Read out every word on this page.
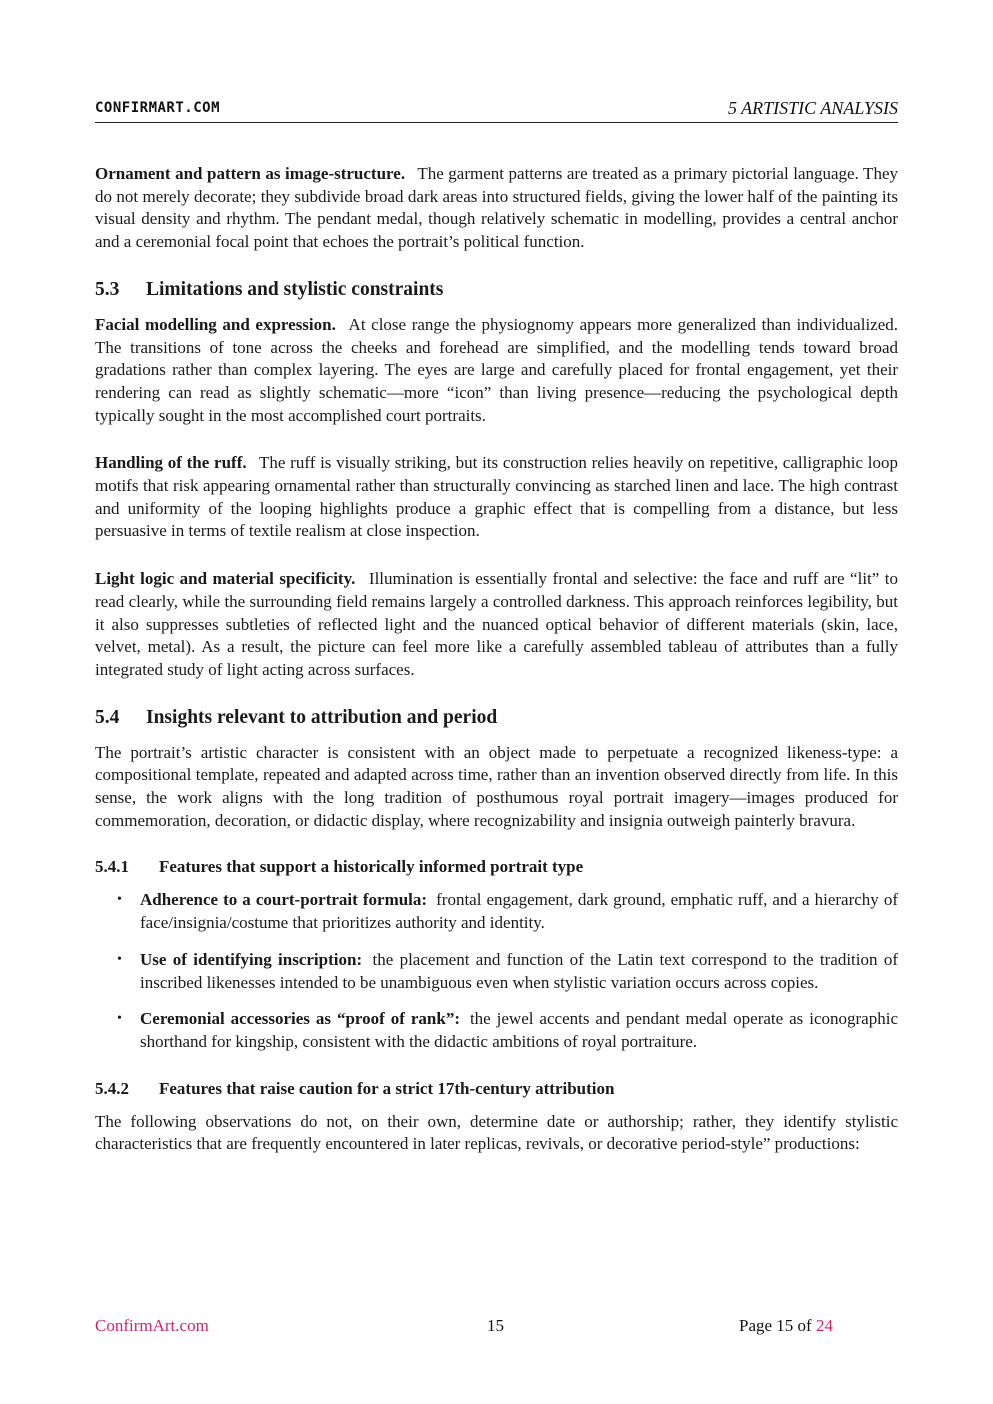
CONFIRMART.COM	5 ARTISTIC ANALYSIS

Ornament and pattern as image-structure. The garment patterns are treated as a primary pictorial language. They do not merely decorate; they subdivide broad dark areas into structured fields, giving the lower half of the painting its visual density and rhythm. The pendant medal, though relatively schematic in modelling, provides a central anchor and a ceremonial focal point that echoes the portrait’s political function.

5.3 Limitations and stylistic constraints

Facial modelling and expression. At close range the physiognomy appears more generalized than individualized. The transitions of tone across the cheeks and forehead are simplified, and the modelling tends toward broad gradations rather than complex layering. The eyes are large and carefully placed for frontal engagement, yet their rendering can read as slightly schematic—more “icon” than living presence—reducing the psychological depth typically sought in the most accomplished court portraits.

Handling of the ruff. The ruff is visually striking, but its construction relies heavily on repetitive, calligraphic loop motifs that risk appearing ornamental rather than structurally convincing as starched linen and lace. The high contrast and uniformity of the looping highlights produce a graphic effect that is compelling from a distance, but less persuasive in terms of textile realism at close inspection.

Light logic and material specificity. Illumination is essentially frontal and selective: the face and ruff are “lit” to read clearly, while the surrounding field remains largely a controlled darkness. This approach reinforces legibility, but it also suppresses subtleties of reflected light and the nuanced optical behavior of different materials (skin, lace, velvet, metal). As a result, the picture can feel more like a carefully assembled tableau of attributes than a fully integrated study of light acting across surfaces.

5.4 Insights relevant to attribution and period

The portrait’s artistic character is consistent with an object made to perpetuate a recognized likeness-type: a compositional template, repeated and adapted across time, rather than an invention observed directly from life. In this sense, the work aligns with the long tradition of posthumous royal portrait imagery—images produced for commemoration, decoration, or didactic display, where recognizability and insignia outweigh painterly bravura.

5.4.1 Features that support a historically informed portrait type
• Adherence to a court-portrait formula: frontal engagement, dark ground, emphatic ruff, and a hierarchy of face/insignia/costume that prioritizes authority and identity.
• Use of identifying inscription: the placement and function of the Latin text correspond to the tradition of inscribed likenesses intended to be unambiguous even when stylistic variation occurs across copies.
• Ceremonial accessories as “proof of rank”: the jewel accents and pendant medal operate as iconographic shorthand for kingship, consistent with the didactic ambitions of royal portraiture.
5.4.2 Features that raise caution for a strict 17th-century attribution

The following observations do not, on their own, determine date or authorship; rather, they identify stylistic characteristics that are frequently encountered in later replicas, revivals, or decorative period-style” productions:

ConfirmArt.com	15	Page 15 of 24
